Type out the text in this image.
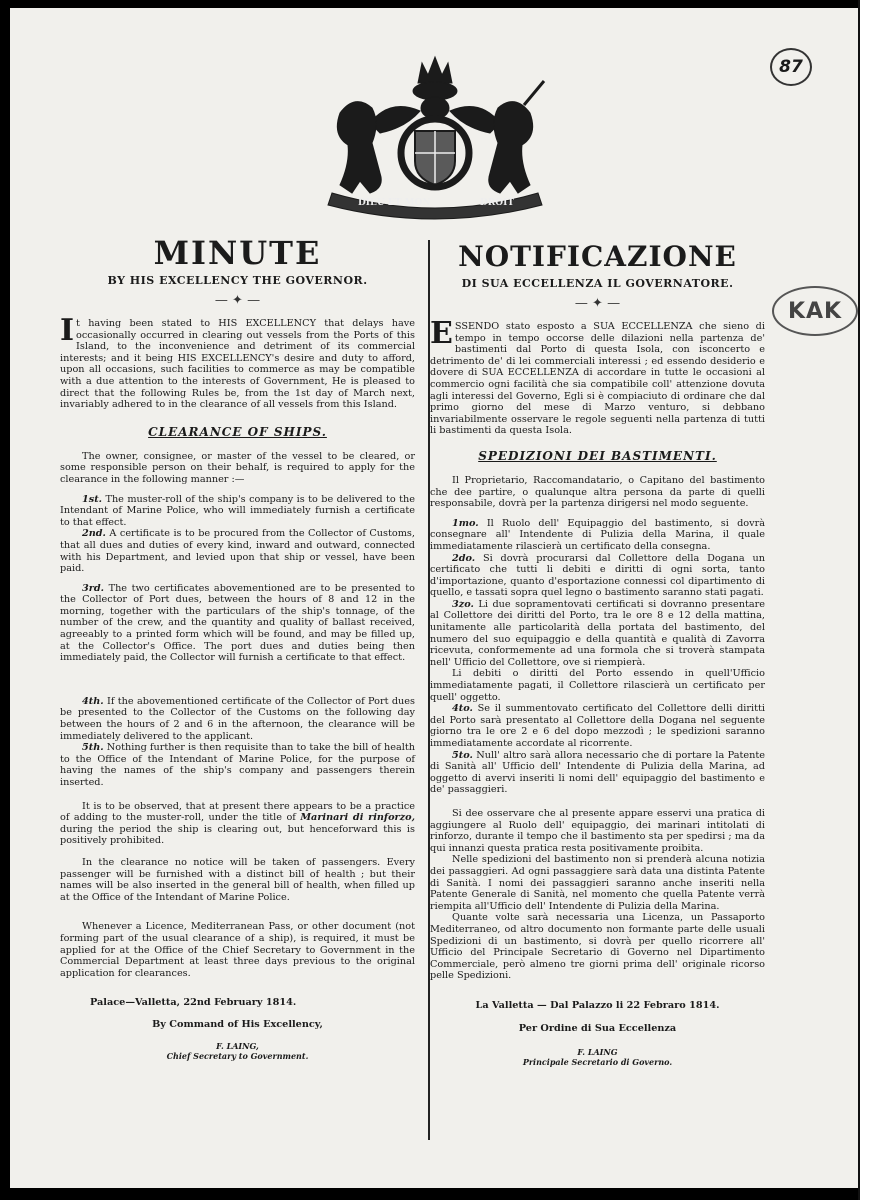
87
KAK
DIEU ET MON	DROIT
MINUTE
BY HIS EXCELLENCY THE GOVERNOR.
— ✦ —
It having been stated to HIS EXCELLENCY that delays have occasionally occurred in clearing out vessels from the Ports of this Island, to the inconvenience and detriment of its commercial interests; and it being HIS EXCELLENCY's desire and duty to afford, upon all occasions, such facilities to commerce as may be compatible with a due attention to the interests of Government, He is pleased to direct that the following Rules be, from the 1st day of March next, invariably adhered to in the clearance of all vessels from this Island.
CLEARANCE OF SHIPS.
The owner, consignee, or master of the vessel to be cleared, or some responsible person on their behalf, is required to apply for the clearance in the following manner :—
1st. The muster-roll of the ship's company is to be delivered to the Intendant of Marine Police, who will immediately furnish a certificate to that effect.
2nd. A certificate is to be procured from the Collector of Customs, that all dues and duties of every kind, inward and outward, connected with his Department, and levied upon that ship or vessel, have been paid.
3rd. The two certificates abovementioned are to be presented to the Collector of Port dues, between the hours of 8 and 12 in the morning, together with the particulars of the ship's tonnage, of the number of the crew, and the quantity and quality of ballast received, agreeably to a printed form which will be found, and may be filled up, at the Collector's Office. The port dues and duties being then immediately paid, the Collector will furnish a certificate to that effect.
4th. If the abovementioned certificate of the Collector of Port dues be presented to the Collector of the Customs on the following day between the hours of 2 and 6 in the afternoon, the clearance will be immediately delivered to the applicant.
5th. Nothing further is then requisite than to take the bill of health to the Office of the Intendant of Marine Police, for the purpose of having the names of the ship's company and passengers therein inserted.
It is to be observed, that at present there appears to be a practice of adding to the muster-roll, under the title of Marinari di rinforzo, during the period the ship is clearing out, but henceforward this is positively prohibited.
In the clearance no notice will be taken of passengers. Every passenger will be furnished with a distinct bill of health ; but their names will be also inserted in the general bill of health, when filled up at the Office of the Intendant of Marine Police.
Whenever a Licence, Mediterranean Pass, or other document (not forming part of the usual clearance of a ship), is required, it must be applied for at the Office of the Chief Secretary to Government in the Commercial Department at least three days previous to the original application for clearances.
Palace—Valletta, 22nd February 1814.
By Command of His Excellency,
F. LAING,
Chief Secretary to Government.
NOTIFICAZIONE
DI SUA ECCELLENZA IL GOVERNATORE.
— ✦ —
ESSENDO stato esposto a SUA ECCELLENZA che sieno di tempo in tempo occorse delle dilazioni nella partenza de' bastimenti dal Porto di questa Isola, con isconcerto e detrimento de' di lei commerciali interessi ; ed essendo desiderio e dovere di SUA ECCELLENZA di accordare in tutte le occasioni al commercio ogni facilità che sia compatibile coll' attenzione dovuta agli interessi del Governo, Egli si è compiaciuto di ordinare che dal primo giorno del mese di Marzo venturo, si debbano invariabilmente osservare le regole seguenti nella partenza di tutti li bastimenti da questa Isola.
SPEDIZIONI DEI BASTIMENTI.
Il Proprietario, Raccomandatario, o Capitano del bastimento che dee partire, o qualunque altra persona da parte di quelli responsabile, dovrà per la partenza dirigersi nel modo seguente.
1mo. Il Ruolo dell' Equipaggio del bastimento, si dovrà consegnare all' Intendente di Pulizia della Marina, il quale immediatamente rilascierà un certificato della consegna.
2do. Si dovrà procurarsi dal Collettore della Dogana un certificato che tutti li debiti e diritti di ogni sorta, tanto d'importazione, quanto d'esportazione connessi col dipartimento di quello, e tassati sopra quel legno o bastimento saranno stati pagati.
3zo. Li due sopramentovati certificati si dovranno presentare al Collettore dei diritti del Porto, tra le ore 8 e 12 della mattina, unitamente alle particolarità della portata del bastimento, del numero del suo equipaggio e della quantità e qualità di Zavorra ricevuta, conformemente ad una formola che si troverà stampata nell' Ufficio del Collettore, ove si riempierà.
Li debiti o diritti del Porto essendo in quell'Ufficio immediatamente pagati, il Collettore rilascierà un certificato per quell' oggetto.
4to. Se il summentovato certificato del Collettore delli diritti del Porto sarà presentato al Collettore della Dogana nel seguente giorno tra le ore 2 e 6 del dopo mezzodì ; le spedizioni saranno immediatamente accordate al ricorrente.
5to. Null' altro sarà allora necessario che di portare la Patente di Sanità all' Ufficio dell' Intendente di Pulizia della Marina, ad oggetto di avervi inseriti li nomi dell' equipaggio del bastimento e de' passaggieri.
Si dee osservare che al presente appare esservi una pratica di aggiungere al Ruolo dell' equipaggio, dei marinari intitolati di rinforzo, durante il tempo che il bastimento sta per spedirsi ; ma da qui innanzi questa pratica resta positivamente proibita.
Nelle spedizioni del bastimento non si prenderà alcuna notizia dei passaggieri. Ad ogni passaggiere sarà data una distinta Patente di Sanità. I nomi dei passaggieri saranno anche inseriti nella Patente Generale di Sanità, nel momento che quella Patente verrà riempita all'Ufficio dell' Intendente di Pulizia della Marina.
Quante volte sarà necessaria una Licenza, un Passaporto Mediterraneo, od altro documento non formante parte delle usuali Spedizioni di un bastimento, si dovrà per quello ricorrere all' Ufficio del Principale Secretario di Governo nel Dipartimento Commerciale, però almeno tre giorni prima dell' originale ricorso pelle Spedizioni.
La Valletta — Dal Palazzo li 22 Febraro 1814.
Per Ordine di Sua Eccellenza
F. LAING
Principale Secretario di Governo.
